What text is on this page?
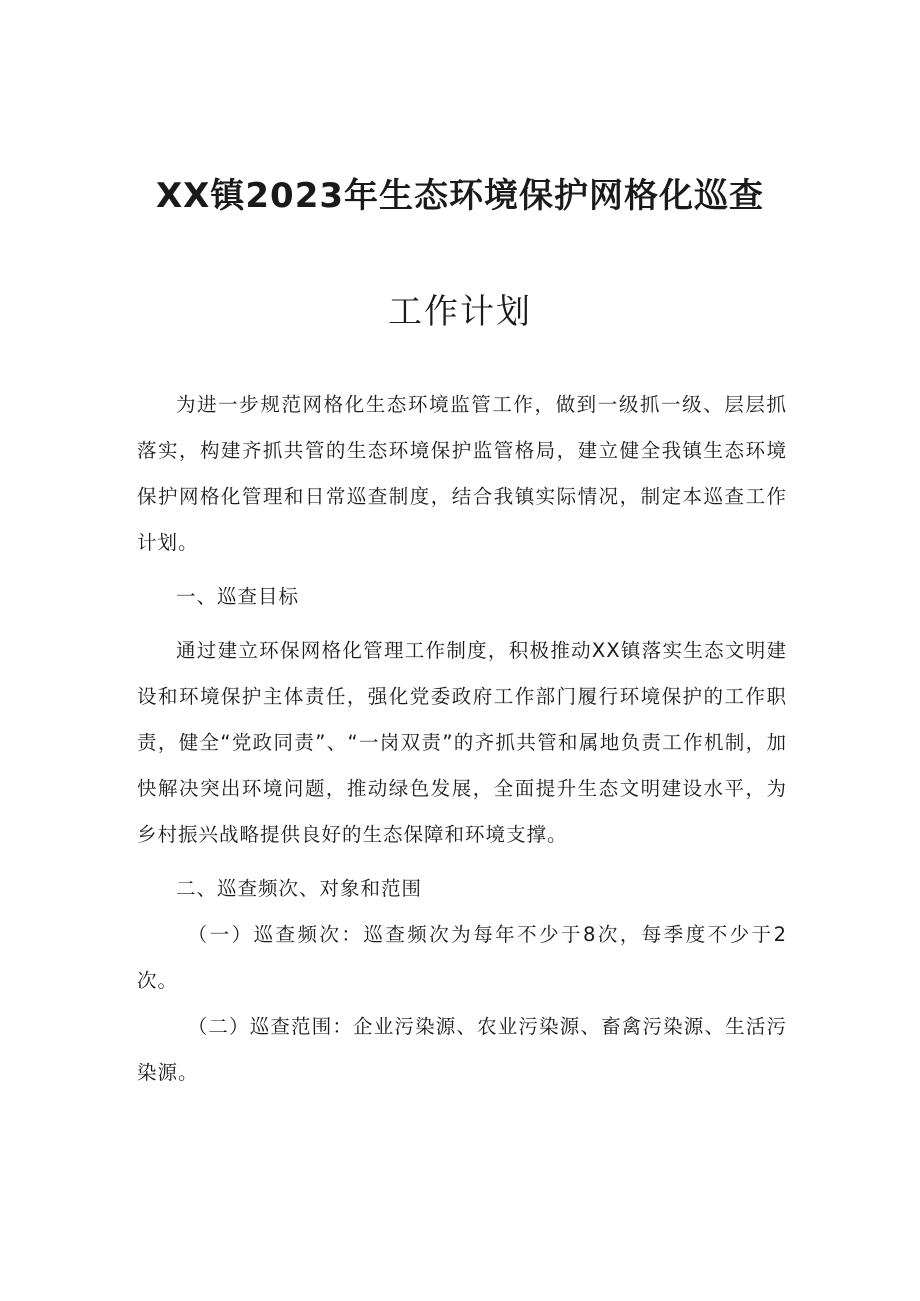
XX镇2023年生态环境保护网格化巡查
工作计划

为进一步规范网格化生态环境监管工作，做到一级抓一级、层层抓落实，构建齐抓共管的生态环境保护监管格局，建立健全我镇生态环境保护网格化管理和日常巡查制度，结合我镇实际情况，制定本巡查工作计划。

一、巡查目标

通过建立环保网格化管理工作制度，积极推动XX镇落实生态文明建设和环境保护主体责任，强化党委政府工作部门履行环境保护的工作职责，健全“党政同责”、“一岗双责”的齐抓共管和属地负责工作机制，加快解决突出环境问题，推动绿色发展，全面提升生态文明建设水平，为乡村振兴战略提供良好的生态保障和环境支撑。

二、巡查频次、对象和范围

（一）巡查频次：巡查频次为每年不少于8次，每季度不少于2次。

（二）巡查范围：企业污染源、农业污染源、畜禽污染源、生活污染源。
